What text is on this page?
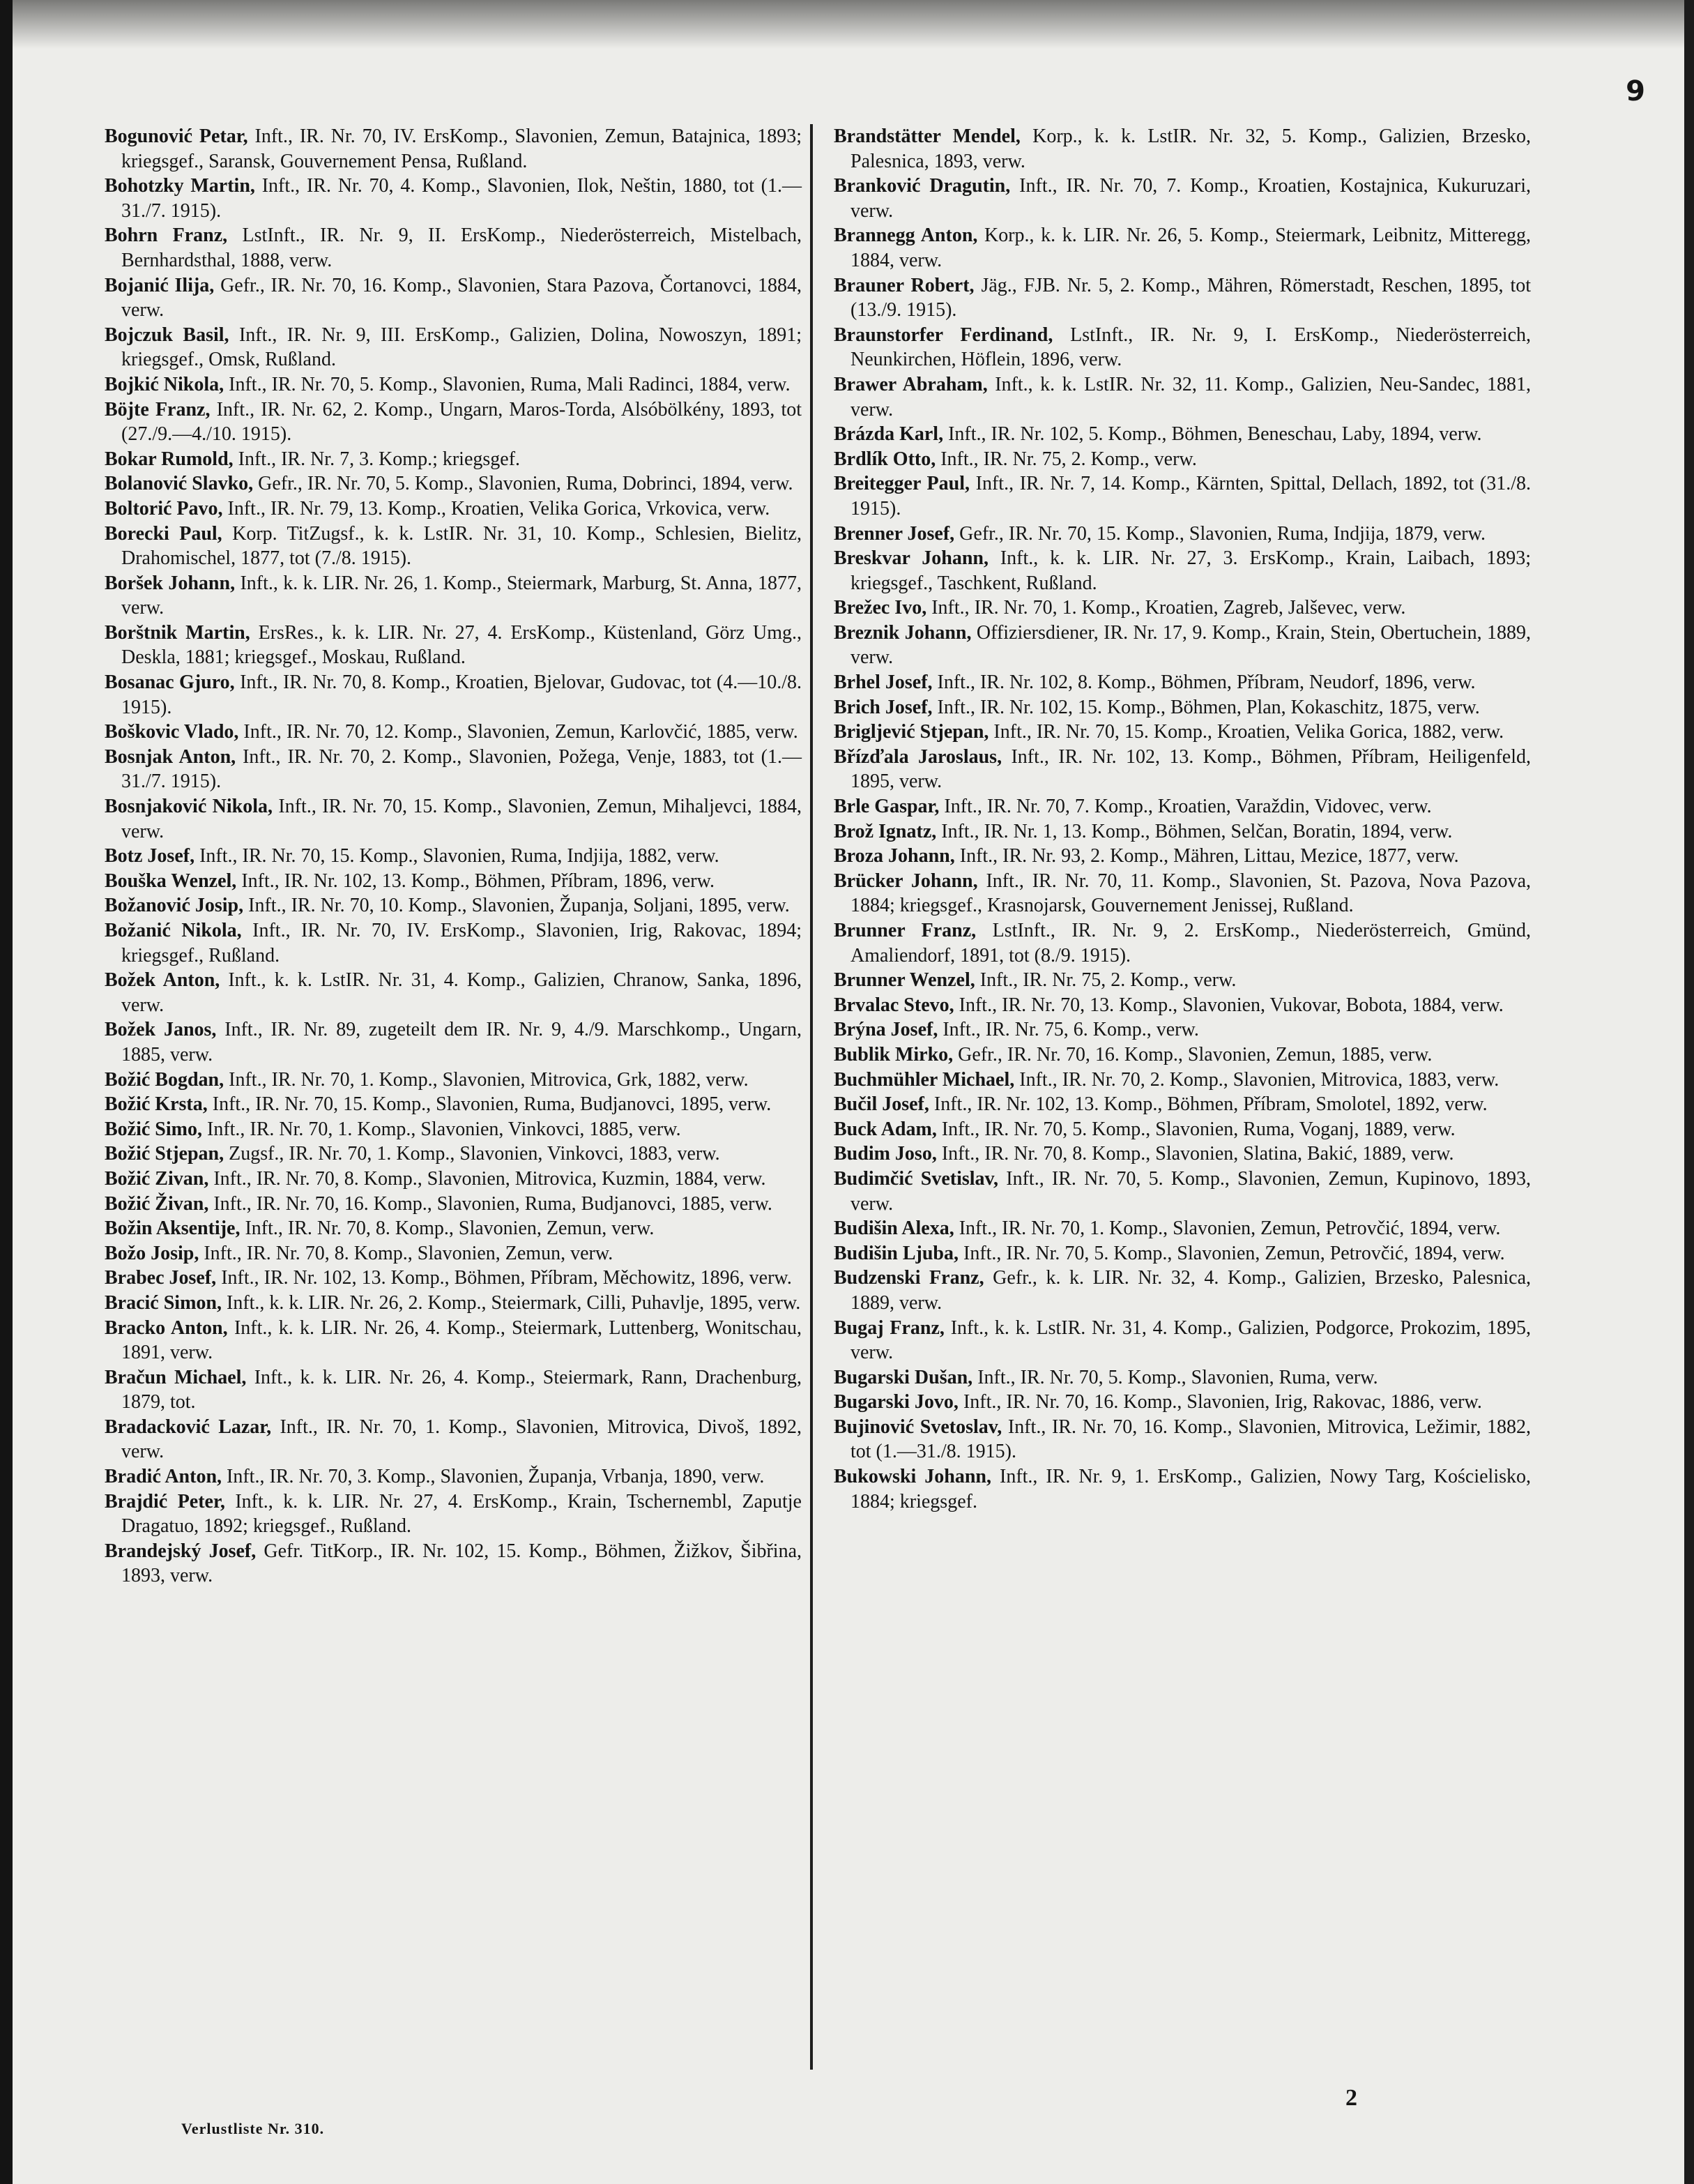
9
Bogunović Petar, Inft., IR. Nr. 70, IV. ErsKomp., Slavonien, Zemun, Batajnica, 1893; kriegsgef., Saransk, Gouvernement Pensa, Rußland.
Bohotzky Martin, Inft., IR. Nr. 70, 4. Komp., Slavonien, Ilok, Neštin, 1880, tot (1.—31./7. 1915).
Bohrn Franz, LstInft., IR. Nr. 9, II. ErsKomp., Niederösterreich, Mistelbach, Bernhardsthal, 1888, verw.
Bojanić Ilija, Gefr., IR. Nr. 70, 16. Komp., Slavonien, Stara Pazova, Čortanovci, 1884, verw.
Bojczuk Basil, Inft., IR. Nr. 9, III. ErsKomp., Galizien, Dolina, Nowoszyn, 1891; kriegsgef., Omsk, Rußland.
Bojkić Nikola, Inft., IR. Nr. 70, 5. Komp., Slavonien, Ruma, Mali Radinci, 1884, verw.
Böjte Franz, Inft., IR. Nr. 62, 2. Komp., Ungarn, Maros-Torda, Alsóbölkény, 1893, tot (27./9.—4./10. 1915).
Bokar Rumold, Inft., IR. Nr. 7, 3. Komp.; kriegsgef.
Bolanović Slavko, Gefr., IR. Nr. 70, 5. Komp., Slavonien, Ruma, Dobrinci, 1894, verw.
Boltorić Pavo, Inft., IR. Nr. 79, 13. Komp., Kroatien, Velika Gorica, Vrkovica, verw.
Borecki Paul, Korp. TitZugsf., k. k. LstIR. Nr. 31, 10. Komp., Schlesien, Bielitz, Drahomischel, 1877, tot (7./8. 1915).
Boršek Johann, Inft., k. k. LIR. Nr. 26, 1. Komp., Steiermark, Marburg, St. Anna, 1877, verw.
Borštnik Martin, ErsRes., k. k. LIR. Nr. 27, 4. ErsKomp., Küstenland, Görz Umg., Deskla, 1881; kriegsgef., Moskau, Rußland.
Bosanac Gjuro, Inft., IR. Nr. 70, 8. Komp., Kroatien, Bjelovar, Gudovac, tot (4.—10./8. 1915).
Boškovic Vlado, Inft., IR. Nr. 70, 12. Komp., Slavonien, Zemun, Karlovčić, 1885, verw.
Bosnjak Anton, Inft., IR. Nr. 70, 2. Komp., Slavonien, Požega, Venje, 1883, tot (1.—31./7. 1915).
Bosnjaković Nikola, Inft., IR. Nr. 70, 15. Komp., Slavonien, Zemun, Mihaljevci, 1884, verw.
Botz Josef, Inft., IR. Nr. 70, 15. Komp., Slavonien, Ruma, Indjija, 1882, verw.
Bouška Wenzel, Inft., IR. Nr. 102, 13. Komp., Böhmen, Příbram, 1896, verw.
Božanović Josip, Inft., IR. Nr. 70, 10. Komp., Slavonien, Županja, Soljani, 1895, verw.
Božanić Nikola, Inft., IR. Nr. 70, IV. ErsKomp., Slavonien, Irig, Rakovac, 1894; kriegsgef., Rußland.
Božek Anton, Inft., k. k. LstIR. Nr. 31, 4. Komp., Galizien, Chranow, Sanka, 1896, verw.
Božek Janos, Inft., IR. Nr. 89, zugeteilt dem IR. Nr. 9, 4./9. Marschkomp., Ungarn, 1885, verw.
Božić Bogdan, Inft., IR. Nr. 70, 1. Komp., Slavonien, Mitrovica, Grk, 1882, verw.
Božić Krsta, Inft., IR. Nr. 70, 15. Komp., Slavonien, Ruma, Budjanovci, 1895, verw.
Božić Simo, Inft., IR. Nr. 70, 1. Komp., Slavonien, Vinkovci, 1885, verw.
Božić Stjepan, Zugsf., IR. Nr. 70, 1. Komp., Slavonien, Vinkovci, 1883, verw.
Božić Zivan, Inft., IR. Nr. 70, 8. Komp., Slavonien, Mitrovica, Kuzmin, 1884, verw.
Božić Živan, Inft., IR. Nr. 70, 16. Komp., Slavonien, Ruma, Budjanovci, 1885, verw.
Božin Aksentije, Inft., IR. Nr. 70, 8. Komp., Slavonien, Zemun, verw.
Božo Josip, Inft., IR. Nr. 70, 8. Komp., Slavonien, Zemun, verw.
Brabec Josef, Inft., IR. Nr. 102, 13. Komp., Böhmen, Příbram, Měchowitz, 1896, verw.
Bracić Simon, Inft., k. k. LIR. Nr. 26, 2. Komp., Steiermark, Cilli, Puhavlje, 1895, verw.
Bracko Anton, Inft., k. k. LIR. Nr. 26, 4. Komp., Steiermark, Luttenberg, Wonitschau, 1891, verw.
Bračun Michael, Inft., k. k. LIR. Nr. 26, 4. Komp., Steiermark, Rann, Drachenburg, 1879, tot.
Bradacković Lazar, Inft., IR. Nr. 70, 1. Komp., Slavonien, Mitrovica, Divoš, 1892, verw.
Bradić Anton, Inft., IR. Nr. 70, 3. Komp., Slavonien, Županja, Vrbanja, 1890, verw.
Brajdić Peter, Inft., k. k. LIR. Nr. 27, 4. ErsKomp., Krain, Tschernembl, Zaputje Dragatuo, 1892; kriegsgef., Rußland.
Brandejský Josef, Gefr. TitKorp., IR. Nr. 102, 15. Komp., Böhmen, Žižkov, Šibřina, 1893, verw.
Brandstätter Mendel, Korp., k. k. LstIR. Nr. 32, 5. Komp., Galizien, Brzesko, Palesnica, 1893, verw.
Branković Dragutin, Inft., IR. Nr. 70, 7. Komp., Kroatien, Kostajnica, Kukuruzari, verw.
Brannegg Anton, Korp., k. k. LIR. Nr. 26, 5. Komp., Steiermark, Leibnitz, Mitteregg, 1884, verw.
Brauner Robert, Jäg., FJB. Nr. 5, 2. Komp., Mähren, Römerstadt, Reschen, 1895, tot (13./9. 1915).
Braunstorfer Ferdinand, LstInft., IR. Nr. 9, I. ErsKomp., Niederösterreich, Neunkirchen, Höflein, 1896, verw.
Brawer Abraham, Inft., k. k. LstIR. Nr. 32, 11. Komp., Galizien, Neu-Sandec, 1881, verw.
Brázda Karl, Inft., IR. Nr. 102, 5. Komp., Böhmen, Beneschau, Laby, 1894, verw.
Brdlík Otto, Inft., IR. Nr. 75, 2. Komp., verw.
Breitegger Paul, Inft., IR. Nr. 7, 14. Komp., Kärnten, Spittal, Dellach, 1892, tot (31./8. 1915).
Brenner Josef, Gefr., IR. Nr. 70, 15. Komp., Slavonien, Ruma, Indjija, 1879, verw.
Breskvar Johann, Inft., k. k. LIR. Nr. 27, 3. ErsKomp., Krain, Laibach, 1893; kriegsgef., Taschkent, Rußland.
Brežec Ivo, Inft., IR. Nr. 70, 1. Komp., Kroatien, Zagreb, Jalševec, verw.
Breznik Johann, Offiziersdiener, IR. Nr. 17, 9. Komp., Krain, Stein, Obertuchein, 1889, verw.
Brhel Josef, Inft., IR. Nr. 102, 8. Komp., Böhmen, Příbram, Neudorf, 1896, verw.
Brich Josef, Inft., IR. Nr. 102, 15. Komp., Böhmen, Plan, Kokaschitz, 1875, verw.
Brigljević Stjepan, Inft., IR. Nr. 70, 15. Komp., Kroatien, Velika Gorica, 1882, verw.
Břízďala Jaroslaus, Inft., IR. Nr. 102, 13. Komp., Böhmen, Příbram, Heiligenfeld, 1895, verw.
Brle Gaspar, Inft., IR. Nr. 70, 7. Komp., Kroatien, Varaždin, Vidovec, verw.
Brož Ignatz, Inft., IR. Nr. 1, 13. Komp., Böhmen, Selčan, Boratin, 1894, verw.
Broza Johann, Inft., IR. Nr. 93, 2. Komp., Mähren, Littau, Mezice, 1877, verw.
Brücker Johann, Inft., IR. Nr. 70, 11. Komp., Slavonien, St. Pazova, Nova Pazova, 1884; kriegsgef., Krasnojarsk, Gouvernement Jenissej, Rußland.
Brunner Franz, LstInft., IR. Nr. 9, 2. ErsKomp., Niederösterreich, Gmünd, Amaliendorf, 1891, tot (8./9. 1915).
Brunner Wenzel, Inft., IR. Nr. 75, 2. Komp., verw.
Brvalac Stevo, Inft., IR. Nr. 70, 13. Komp., Slavonien, Vukovar, Bobota, 1884, verw.
Brýna Josef, Inft., IR. Nr. 75, 6. Komp., verw.
Bublik Mirko, Gefr., IR. Nr. 70, 16. Komp., Slavonien, Zemun, 1885, verw.
Buchmühler Michael, Inft., IR. Nr. 70, 2. Komp., Slavonien, Mitrovica, 1883, verw.
Bučil Josef, Inft., IR. Nr. 102, 13. Komp., Böhmen, Příbram, Smolotel, 1892, verw.
Buck Adam, Inft., IR. Nr. 70, 5. Komp., Slavonien, Ruma, Voganj, 1889, verw.
Budim Joso, Inft., IR. Nr. 70, 8. Komp., Slavonien, Slatina, Bakić, 1889, verw.
Budimčić Svetislav, Inft., IR. Nr. 70, 5. Komp., Slavonien, Zemun, Kupinovo, 1893, verw.
Budišin Alexa, Inft., IR. Nr. 70, 1. Komp., Slavonien, Zemun, Petrovčić, 1894, verw.
Budišin Ljuba, Inft., IR. Nr. 70, 5. Komp., Slavonien, Zemun, Petrovčić, 1894, verw.
Budzenski Franz, Gefr., k. k. LIR. Nr. 32, 4. Komp., Galizien, Brzesko, Palesnica, 1889, verw.
Bugaj Franz, Inft., k. k. LstIR. Nr. 31, 4. Komp., Galizien, Podgorce, Prokozim, 1895, verw.
Bugarski Dušan, Inft., IR. Nr. 70, 5. Komp., Slavonien, Ruma, verw.
Bugarski Jovo, Inft., IR. Nr. 70, 16. Komp., Slavonien, Irig, Rakovac, 1886, verw.
Bujinović Svetoslav, Inft., IR. Nr. 70, 16. Komp., Slavonien, Mitrovica, Ležimir, 1882, tot (1.—31./8. 1915).
Bukowski Johann, Inft., IR. Nr. 9, 1. ErsKomp., Galizien, Nowy Targ, Kościelisko, 1884; kriegsgef.
Verlustliste Nr. 310.
2
